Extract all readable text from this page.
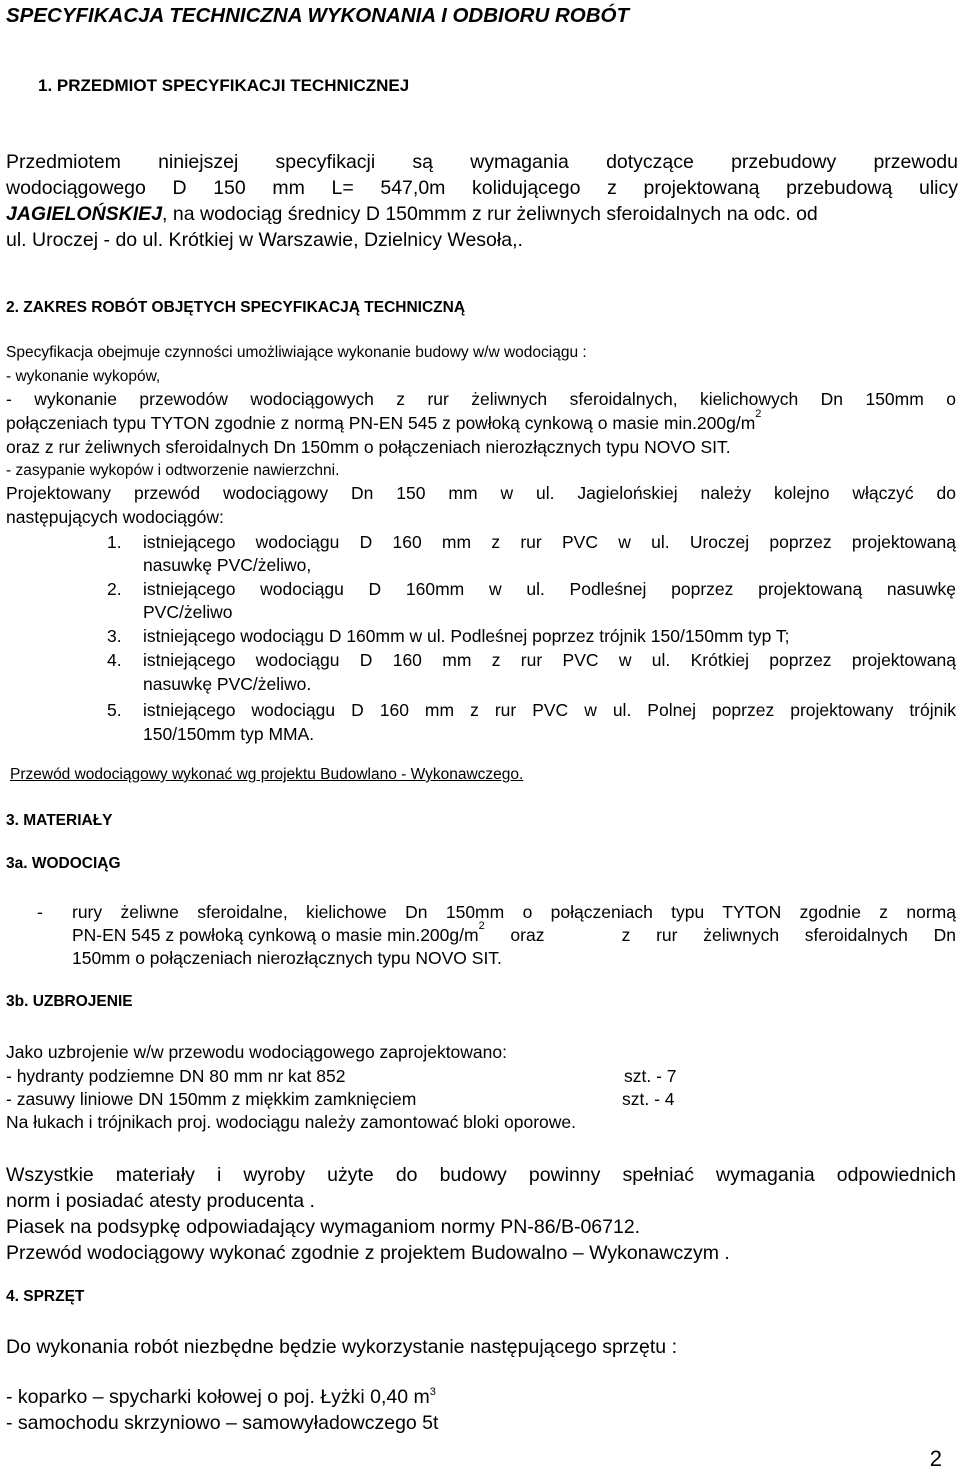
SPECYFIKACJA TECHNICZNA WYKONANIA I ODBIORU ROBÓT
1. PRZEDMIOT SPECYFIKACJI TECHNICZNEJ
Przedmiotem niniejszej specyfikacji są wymagania dotyczące przebudowy przewodu
wodociągowego D 150 mm L= 547,0m kolidującego z projektowaną przebudową ulicy
JAGIELOŃSKIEJ, na wodociąg średnicy D 150mmm z rur żeliwnych sferoidalnych na odc. od
ul. Uroczej - do ul. Krótkiej w Warszawie, Dzielnicy Wesoła,.
2. ZAKRES ROBÓT OBJĘTYCH SPECYFIKACJĄ TECHNICZNĄ
Specyfikacja obejmuje czynności umożliwiające wykonanie budowy w/w wodociągu :
- wykonanie wykopów,
- wykonanie przewodów wodociągowych z rur żeliwnych sferoidalnych, kielichowych Dn 150mm o
połączeniach typu TYTON zgodnie z normą PN-EN 545 z powłoką cynkową o masie $\min.200g/m^2$
oraz z rur żeliwnych sferoidalnych Dn 150mm o połączeniach nierozłącznych typu NOVO SIT.
- zasypanie wykopów i odtworzenie nawierzchni.
Projektowany przewód wodociągowy Dn 150 mm w ul. Jagielońskiej należy kolejno włączyć do
następujących wodociągów:
1. istniejącego wodociągu D 160 mm z rur PVC w ul. Uroczej poprzez projektowaną
nasuwkę PVC/żeliwo,
2. istniejącego wodociągu D 160mm w ul. Podleśnej poprzez projektowaną nasuwkę
PVC/żeliwo
3. istniejącego wodociągu D 160mm w ul. Podleśnej poprzez trójnik 150/150mm typ T;
4. istniejącego wodociągu D 160 mm z rur PVC w ul. Krótkiej poprzez projektowaną
nasuwkę PVC/żeliwo.
5. istniejącego wodociągu D 160 mm z rur PVC w ul. Polnej poprzez projektowany trójnik
150/150mm typ MMA.
Przewód wodociągowy wykonać wg projektu Budowlano - Wykonawczego.
3. MATERIAŁY
3a. WODOCIĄG
- rury żeliwne sferoidalne, kielichowe Dn 150mm o połączeniach typu TYTON zgodnie z normą
PN-EN 545 z powłoką cynkową o masie $\min.200g/m^2$ oraz   z rur żeliwnych sferoidalnych Dn
150mm o połączeniach nierozłącznych typu NOVO SIT.
3b. UZBROJENIE
Jako uzbrojenie w/w przewodu wodociągowego zaprojektowano:
- hydranty podziemne DN 80 mm nr kat 852	szt. - 7
- zasuwy liniowe DN 150mm z miękkim zamknięciem	szt. - 4
Na łukach i trójnikach proj. wodociągu należy zamontować bloki oporowe.
Wszystkie materiały i wyroby użyte do budowy powinny spełniać wymagania odpowiednich
norm i posiadać atesty producenta .
Piasek na podsypkę odpowiadający wymaganiom normy PN-86/B-06712.
Przewód wodociągowy wykonać zgodnie z projektem Budowalno – Wykonawczym .
4. SPRZĘT
Do wykonania robót niezbędne będzie wykorzystanie następującego sprzętu :
- koparko – spycharki kołowej o poj. Łyżki 0,40 $m^3$
- samochodu skrzyniowo – samowyładowczego 5t
2
